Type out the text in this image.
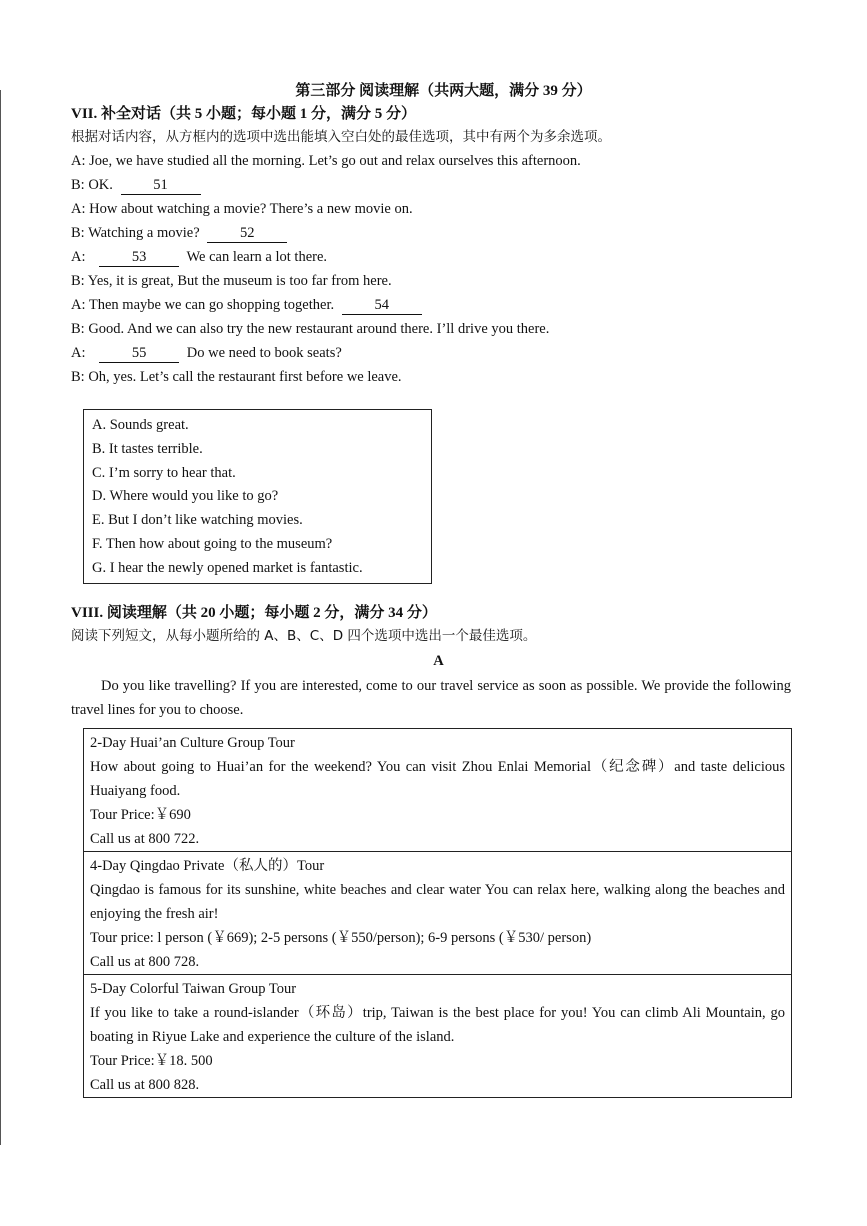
第三部分 阅读理解（共两大题，满分 39 分）
VII. 补全对话（共 5 小题；每小题 1 分，满分 5 分）
根据对话内容，从方框内的选项中选出能填入空白处的最佳选项，其中有两个为多余选项。
A: Joe, we have studied all the morning. Let’s go out and relax ourselves this afternoon.
B: OK.	51
A: How about watching a movie? There’s a new movie on.
B: Watching a movie?	52
A:	53	We can learn a lot there.
B: Yes, it is great, But the museum is too far from here.
A: Then maybe we can go shopping together.	54
B: Good. And we can also try the new restaurant around there. I’ll drive you there.
A:	55	Do we need to book seats?
B: Oh, yes. Let’s call the restaurant first before we leave.
A. Sounds great.
B. It tastes terrible.
C. I’m sorry to hear that.
D. Where would you like to go?
E. But I don’t like watching movies.
F. Then how about going to the museum?
G. I hear the newly opened market is fantastic.
VIII. 阅读理解（共 20 小题；每小题 2 分，满分 34 分）
阅读下列短文，从每小题所给的 A、B、C、D 四个选项中选出一个最佳选项。
A
Do you like travelling? If you are interested, come to our travel service as soon as possible. We provide the following travel lines for you to choose.
2-Day Huai’an Culture Group Tour
How about going to Huai’an for the weekend? You can visit Zhou Enlai Memorial（纪念碑）and taste delicious Huaiyang food.
Tour Price:￥690
Call us at 800 722.
4-Day Qingdao Private（私人的）Tour
Qingdao is famous for its sunshine, white beaches and clear water You can relax here, walking along the beaches and enjoying the fresh air!
Tour price: l person (￥669); 2-5 persons (￥550/person); 6-9 persons (￥530/ person)
Call us at 800 728.
5-Day Colorful Taiwan Group Tour
If you like to take a round-islander（环岛）trip, Taiwan is the best place for you! You can climb Ali Mountain, go boating in Riyue Lake and experience the culture of the island.
Tour Price:￥18. 500
Call us at 800 828.
